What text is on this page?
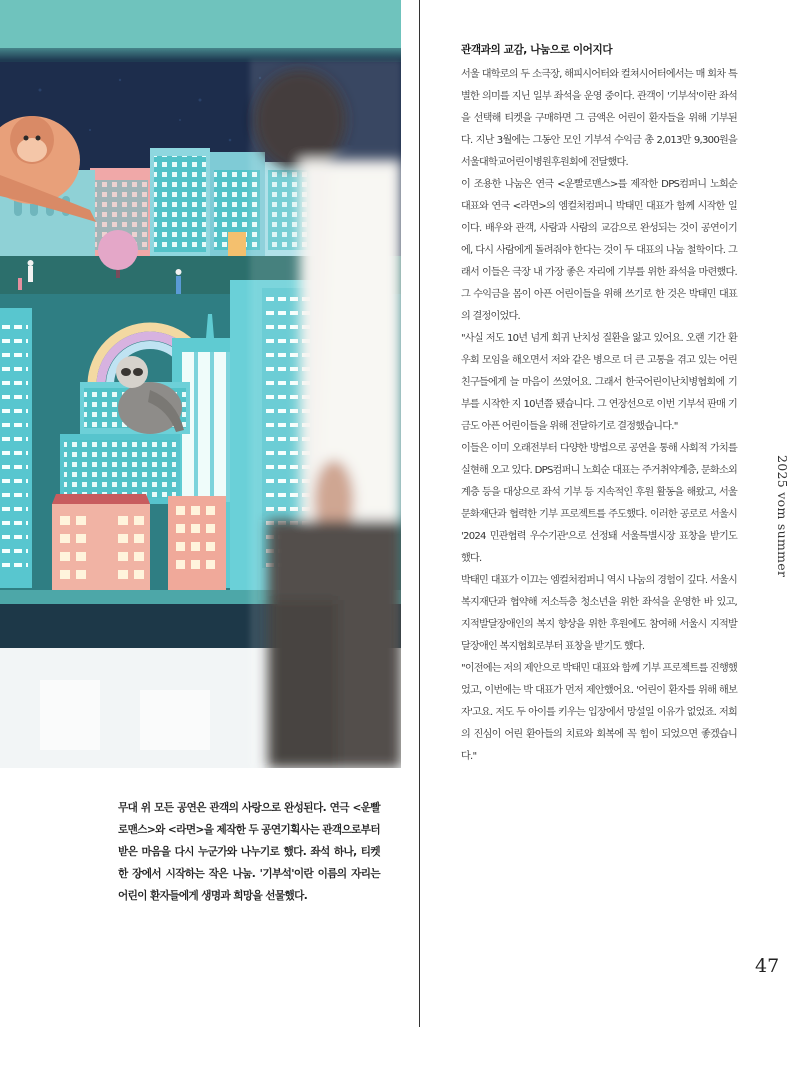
무대 위 모든 공연은 관객의 사랑으로 완성된다. 연극 <운빨로맨스>와 <라면>을 제작한 두 공연기획사는 관객으로부터 받은 마음을 다시 누군가와 나누기로 했다. 좌석 하나, 티켓 한 장에서 시작하는 작은 나눔. '기부석'이란 이름의 자리는 어린이 환자들에게 생명과 희망을 선물했다.

관객과의 교감, 나눔으로 이어지다

서울 대학로의 두 소극장, 해피시어터와 컬쳐시어터에서는 매 회차 특별한 의미를 지닌 일부 좌석을 운영 중이다. 관객이 '기부석'이란 좌석을 선택해 티켓을 구매하면 그 금액은 어린이 환자들을 위해 기부된다. 지난 3월에는 그동안 모인 기부석 수익금 총 2,013만 9,300원을 서울대학교어린이병원후원회에 전달했다.

이 조용한 나눔은 연극 <운빨로맨스>를 제작한 DPS컴퍼니 노희순 대표와 연극 <라면>의 엠컬처컴퍼니 박태민 대표가 함께 시작한 일이다. 배우와 관객, 사람과 사람의 교감으로 완성되는 것이 공연이기에, 다시 사람에게 돌려줘야 한다는 것이 두 대표의 나눔 철학이다. 그래서 이들은 극장 내 가장 좋은 자리에 기부를 위한 좌석을 마련했다. 그 수익금을 몸이 아픈 어린이들을 위해 쓰기로 한 것은 박태민 대표의 결정이었다.

"사실 저도 10년 넘게 희귀 난치성 질환을 앓고 있어요. 오랜 기간 환우회 모임을 해오면서 저와 같은 병으로 더 큰 고통을 겪고 있는 어린 친구들에게 늘 마음이 쓰였어요. 그래서 한국어린이난치병협회에 기부를 시작한 지 10년쯤 됐습니다. 그 연장선으로 이번 기부석 판매 기금도 아픈 어린이들을 위해 전달하기로 결정했습니다."

이들은 이미 오래전부터 다양한 방법으로 공연을 통해 사회적 가치를 실현해 오고 있다. DPS컴퍼니 노희순 대표는 주거취약계층, 문화소외계층 등을 대상으로 좌석 기부 등 지속적인 후원 활동을 해왔고, 서울문화재단과 협력한 기부 프로젝트를 주도했다. 이러한 공로로 서울시 '2024 민관협력 우수기관'으로 선정돼 서울특별시장 표창을 받기도 했다.

박태민 대표가 이끄는 엠컬처컴퍼니 역시 나눔의 경험이 깊다. 서울시복지재단과 협약해 저소득층 청소년을 위한 좌석을 운영한 바 있고, 지적발달장애인의 복지 향상을 위한 후원에도 참여해 서울시 지적발달장애인 복지협회로부터 표창을 받기도 했다.

"이전에는 저의 제안으로 박태민 대표와 함께 기부 프로젝트를 진행했었고, 이번에는 박 대표가 먼저 제안했어요. '어린이 환자를 위해 해보자'고요. 저도 두 아이를 키우는 입장에서 망설일 이유가 없었죠. 저희의 진심이 어린 환아들의 치료와 회복에 꼭 힘이 되었으면 좋겠습니다."

2025 vom summer
47
